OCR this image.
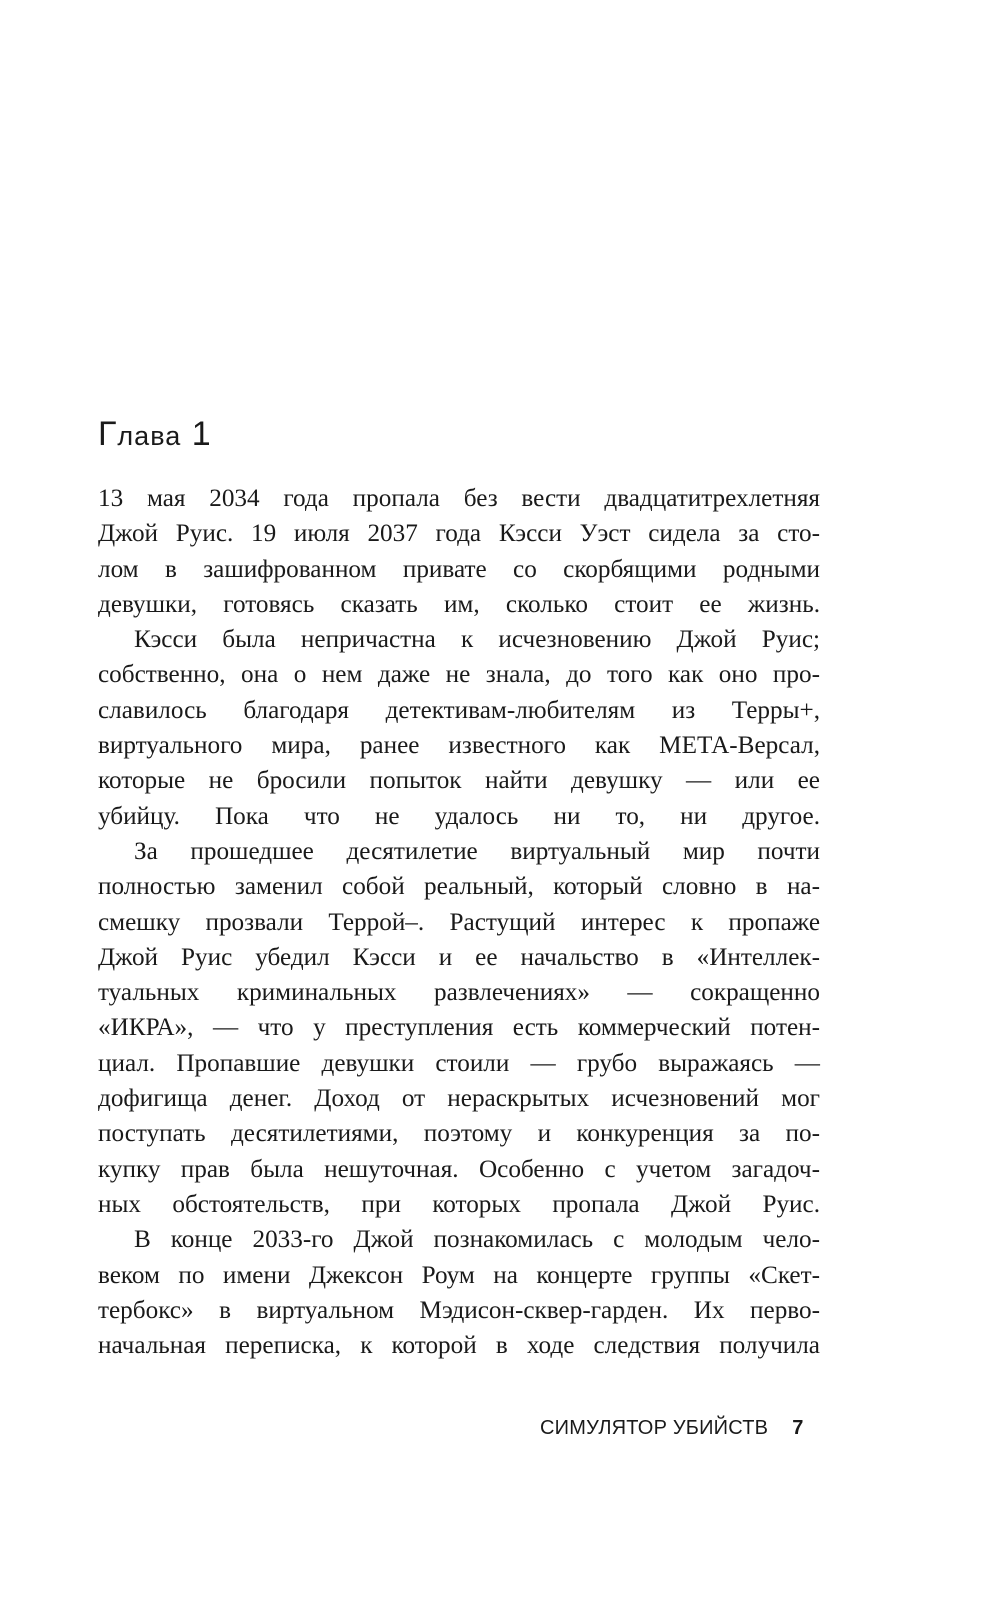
Глава 1

13 мая 2034 года пропала без вести двадцатитрехлетняя
Джой Руис. 19 июля 2037 года Кэсси Уэст сидела за сто-
лом в зашифрованном привате со скорбящими родными
девушки, готовясь сказать им, сколько стоит ее жизнь.

Кэсси была непричастна к исчезновению Джой Руис;
собственно, она о нем даже не знала, до того как оно про-
славилось благодаря детективам-любителям из Терры+,
виртуального мира, ранее известного как МЕТА-Версал,
которые не бросили попыток найти девушку — или ее
убийцу. Пока что не удалось ни то, ни другое.

За прошедшее десятилетие виртуальный мир почти
полностью заменил собой реальный, который словно в на-
смешку прозвали Террой–. Растущий интерес к пропаже
Джой Руис убедил Кэсси и ее начальство в «Интеллек-
туальных криминальных развлечениях» — сокращенно
«ИКРА», — что у преступления есть коммерческий потен-
циал. Пропавшие девушки стоили — грубо выражаясь —
дофигища денег. Доход от нераскрытых исчезновений мог
поступать десятилетиями, поэтому и конкуренция за по-
купку прав была нешуточная. Особенно с учетом загадоч-
ных обстоятельств, при которых пропала Джой Руис.

В конце 2033-го Джой познакомилась с молодым чело-
веком по имени Джексон Роум на концерте группы «Скет-
тербокс» в виртуальном Мэдисон-сквер-гарден. Их перво-
начальная переписка, к которой в ходе следствия получила

СИМУЛЯТОР УБИЙСТВ 7
